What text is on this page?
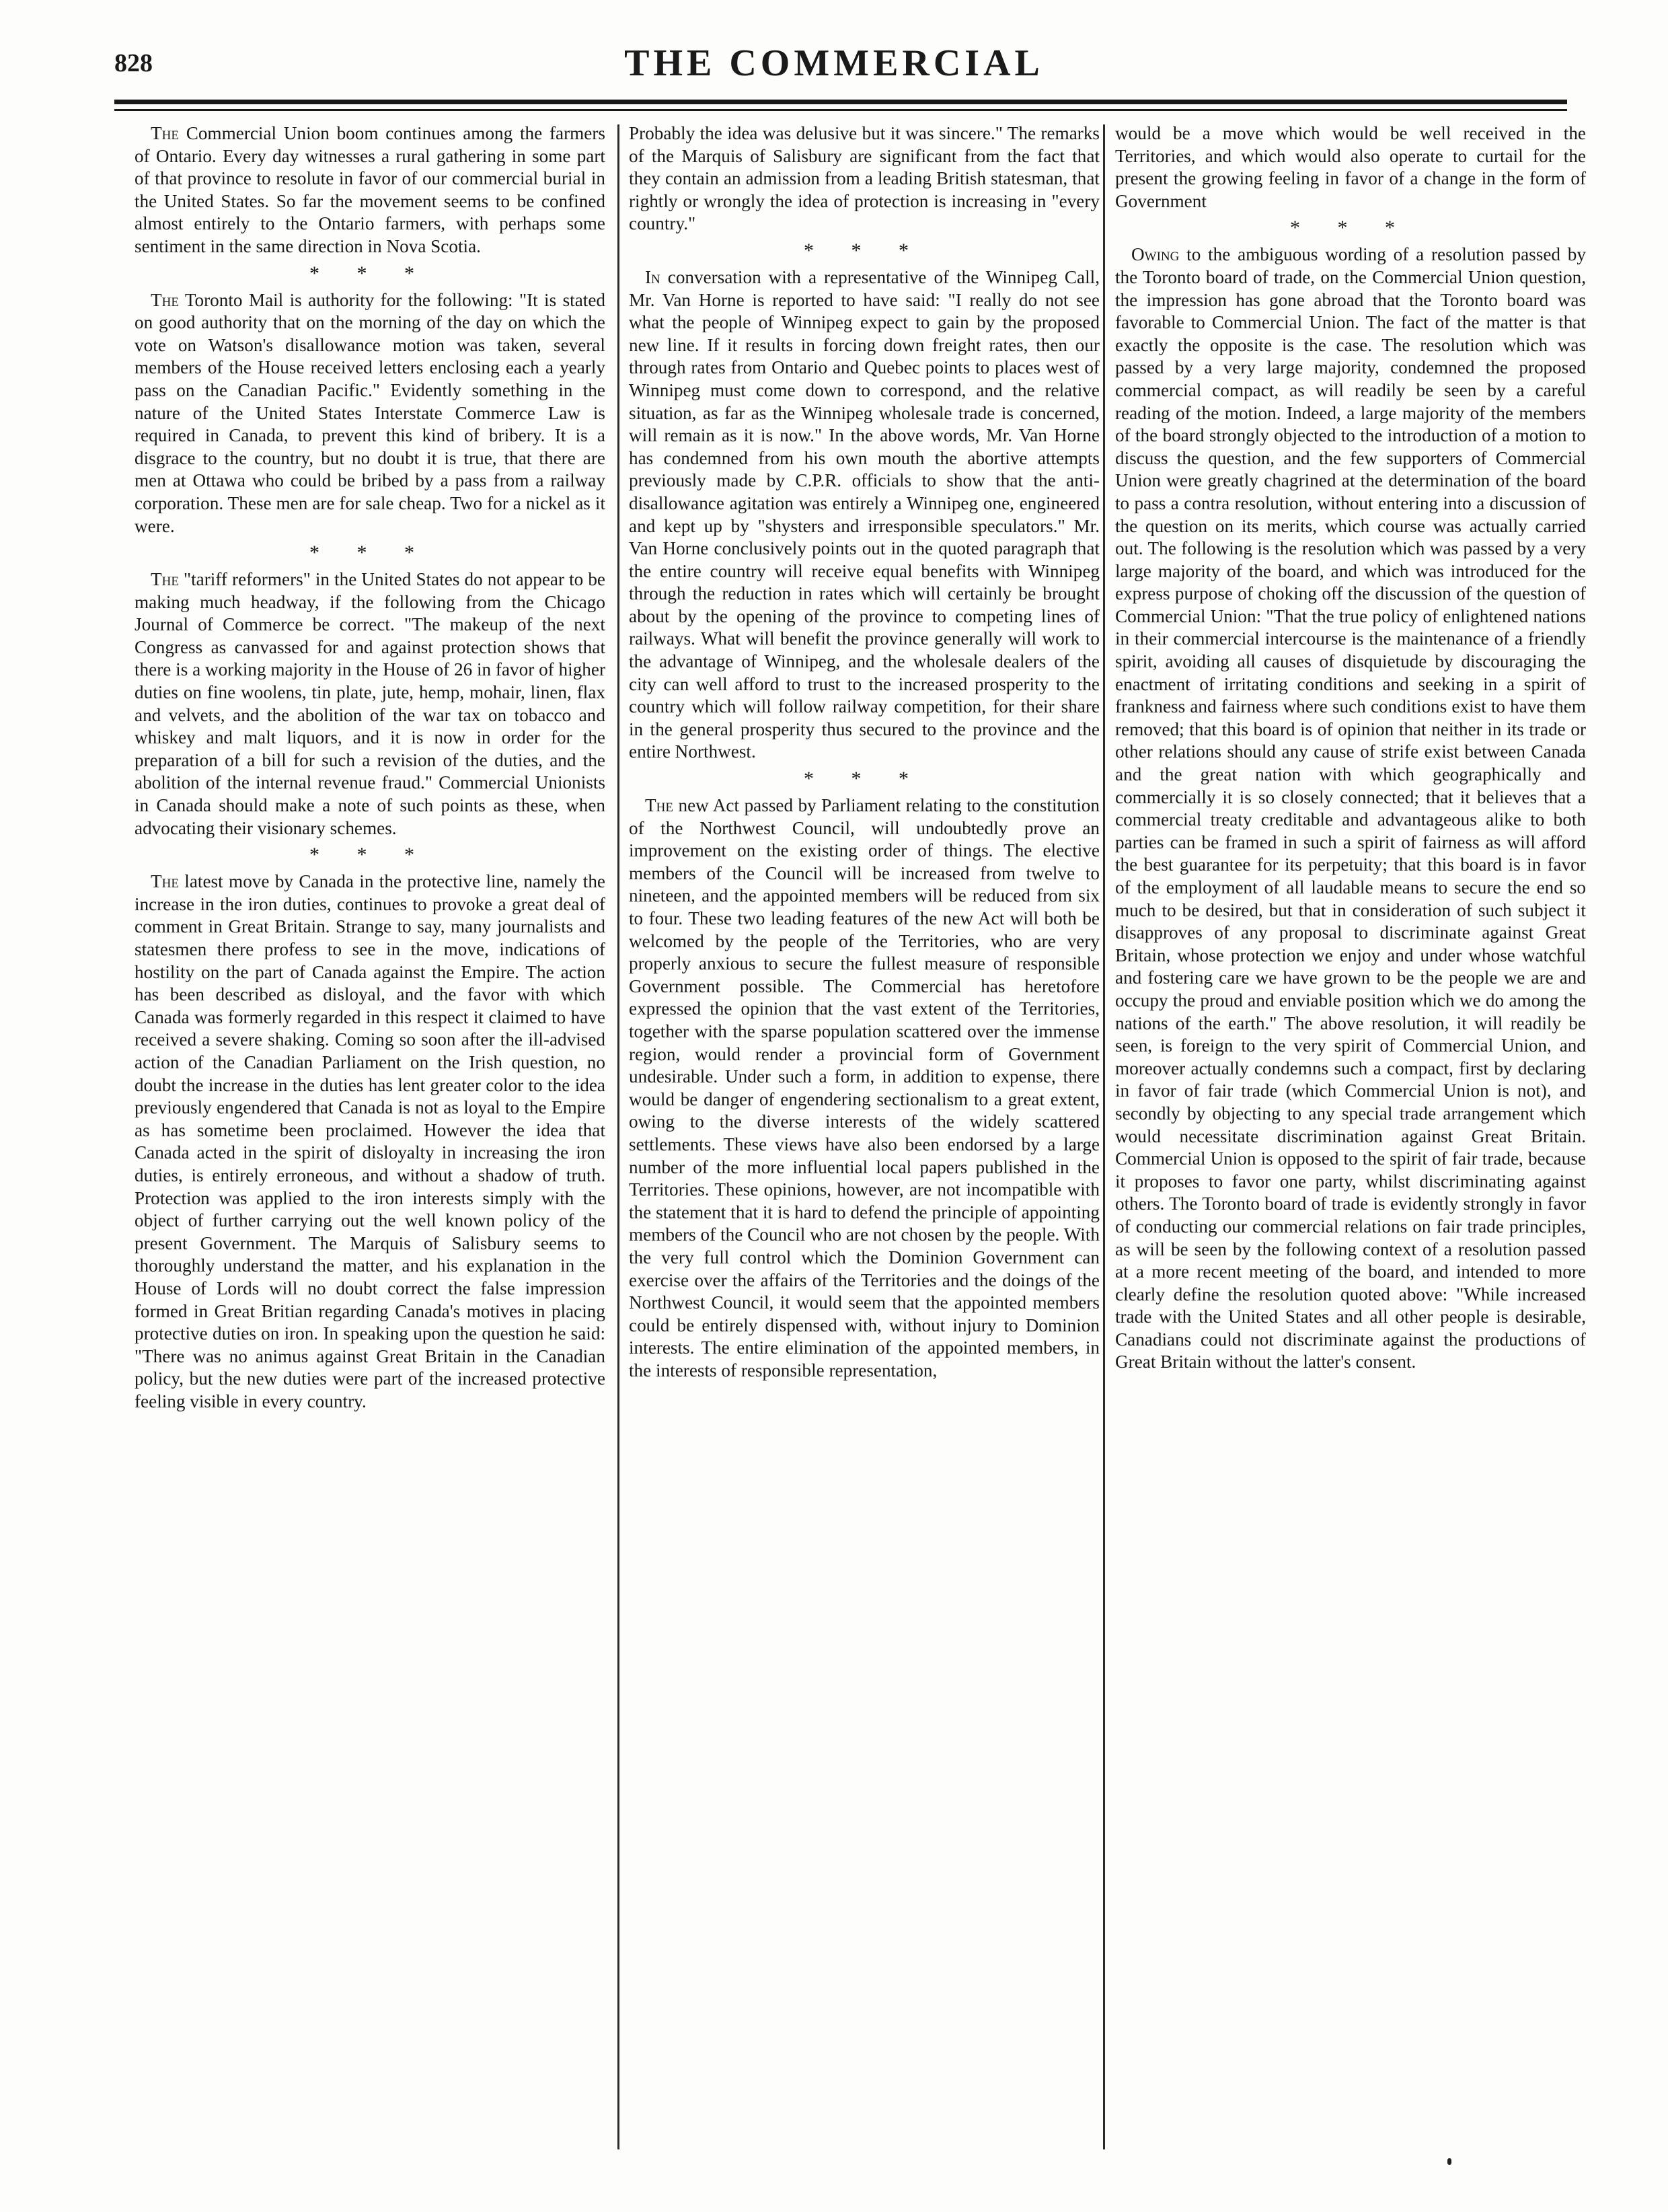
828	THE COMMERCIAL

The Commercial Union boom continues among the farmers of Ontario. Every day witnesses a rural gathering in some part of that province to resolute in favor of our commercial burial in the United States. So far the movement seems to be confined almost entirely to the Ontario farmers, with perhaps some sentiment in the same direction in Nova Scotia.

* * *

The Toronto Mail is authority for the following: "It is stated on good authority that on the morning of the day on which the vote on Watson's disallowance motion was taken, several members of the House received letters enclosing each a yearly pass on the Canadian Pacific." Evidently something in the nature of the United States Interstate Commerce Law is required in Canada, to prevent this kind of bribery. It is a disgrace to the country, but no doubt it is true, that there are men at Ottawa who could be bribed by a pass from a railway corporation. These men are for sale cheap. Two for a nickel as it were.

* * *

The "tariff reformers" in the United States do not appear to be making much headway, if the following from the Chicago Journal of Commerce be correct. "The makeup of the next Congress as canvassed for and against protection shows that there is a working majority in the House of 26 in favor of higher duties on fine woolens, tin plate, jute, hemp, mohair, linen, flax and velvets, and the abolition of the war tax on tobacco and whiskey and malt liquors, and it is now in order for the preparation of a bill for such a revision of the duties, and the abolition of the internal revenue fraud." Commercial Unionists in Canada should make a note of such points as these, when advocating their visionary schemes.

* * *

The latest move by Canada in the protective line, namely the increase in the iron duties, continues to provoke a great deal of comment in Great Britain. Strange to say, many journalists and statesmen there profess to see in the move, indications of hostility on the part of Canada against the Empire. The action has been described as disloyal, and the favor with which Canada was formerly regarded in this respect it claimed to have received a severe shaking. Coming so soon after the ill-advised action of the Canadian Parliament on the Irish question, no doubt the increase in the duties has lent greater color to the idea previously engendered that Canada is not as loyal to the Empire as has sometime been proclaimed. However the idea that Canada acted in the spirit of disloyalty in increasing the iron duties, is entirely erroneous, and without a shadow of truth. Protection was applied to the iron interests simply with the object of further carrying out the well known policy of the present Government. The Marquis of Salisbury seems to thoroughly understand the matter, and his explanation in the House of Lords will no doubt correct the false impression formed in Great Britian regarding Canada's motives in placing protective duties on iron. In speaking upon the question he said: "There was no animus against Great Britain in the Canadian policy, but the new duties were part of the increased protective feeling visible in every country.

Probably the idea was delusive but it was sincere." The remarks of the Marquis of Salisbury are significant from the fact that they contain an admission from a leading British statesman, that rightly or wrongly the idea of protection is increasing in "every country."

* * *

In conversation with a representative of the Winnipeg Call, Mr. Van Horne is reported to have said: "I really do not see what the people of Winnipeg expect to gain by the proposed new line. If it results in forcing down freight rates, then our through rates from Ontario and Quebec points to places west of Winnipeg must come down to correspond, and the relative situation, as far as the Winnipeg wholesale trade is concerned, will remain as it is now." In the above words, Mr. Van Horne has condemned from his own mouth the abortive attempts previously made by C.P.R. officials to show that the anti-disallowance agitation was entirely a Winnipeg one, engineered and kept up by "shysters and irresponsible speculators." Mr. Van Horne conclusively points out in the quoted paragraph that the entire country will receive equal benefits with Winnipeg through the reduction in rates which will certainly be brought about by the opening of the province to competing lines of railways. What will benefit the province generally will work to the advantage of Winnipeg, and the wholesale dealers of the city can well afford to trust to the increased prosperity to the country which will follow railway competition, for their share in the general prosperity thus secured to the province and the entire Northwest.

* * *

The new Act passed by Parliament relating to the constitution of the Northwest Council, will undoubtedly prove an improvement on the existing order of things. The elective members of the Council will be increased from twelve to nineteen, and the appointed members will be reduced from six to four. These two leading features of the new Act will both be welcomed by the people of the Territories, who are very properly anxious to secure the fullest measure of responsible Government possible. The Commercial has heretofore expressed the opinion that the vast extent of the Territories, together with the sparse population scattered over the immense region, would render a provincial form of Government undesirable. Under such a form, in addition to expense, there would be danger of engendering sectionalism to a great extent, owing to the diverse interests of the widely scattered settlements. These views have also been endorsed by a large number of the more influential local papers published in the Territories. These opinions, however, are not incompatible with the statement that it is hard to defend the principle of appointing members of the Council who are not chosen by the people. With the very full control which the Dominion Government can exercise over the affairs of the Territories and the doings of the Northwest Council, it would seem that the appointed members could be entirely dispensed with, without injury to Dominion interests. The entire elimination of the appointed members, in the interests of responsible representation,

would be a move which would be well received in the Territories, and which would also operate to curtail for the present the growing feeling in favor of a change in the form of Government

* * *

Owing to the ambiguous wording of a resolution passed by the Toronto board of trade, on the Commercial Union question, the impression has gone abroad that the Toronto board was favorable to Commercial Union. The fact of the matter is that exactly the opposite is the case. The resolution which was passed by a very large majority, condemned the proposed commercial compact, as will readily be seen by a careful reading of the motion. Indeed, a large majority of the members of the board strongly objected to the introduction of a motion to discuss the question, and the few supporters of Commercial Union were greatly chagrined at the determination of the board to pass a contra resolution, without entering into a discussion of the question on its merits, which course was actually carried out. The following is the resolution which was passed by a very large majority of the board, and which was introduced for the express purpose of choking off the discussion of the question of Commercial Union: "That the true policy of enlightened nations in their commercial intercourse is the maintenance of a friendly spirit, avoiding all causes of disquietude by discouraging the enactment of irritating conditions and seeking in a spirit of frankness and fairness where such conditions exist to have them removed; that this board is of opinion that neither in its trade or other relations should any cause of strife exist between Canada and the great nation with which geographically and commercially it is so closely connected; that it believes that a commercial treaty creditable and advantageous alike to both parties can be framed in such a spirit of fairness as will afford the best guarantee for its perpetuity; that this board is in favor of the employment of all laudable means to secure the end so much to be desired, but that in consideration of such subject it disapproves of any proposal to discriminate against Great Britain, whose protection we enjoy and under whose watchful and fostering care we have grown to be the people we are and occupy the proud and enviable position which we do among the nations of the earth." The above resolution, it will readily be seen, is foreign to the very spirit of Commercial Union, and moreover actually condemns such a compact, first by declaring in favor of fair trade (which Commercial Union is not), and secondly by objecting to any special trade arrangement which would necessitate discrimination against Great Britain. Commercial Union is opposed to the spirit of fair trade, because it proposes to favor one party, whilst discriminating against others. The Toronto board of trade is evidently strongly in favor of conducting our commercial relations on fair trade principles, as will be seen by the following context of a resolution passed at a more recent meeting of the board, and intended to more clearly define the resolution quoted above: "While increased trade with the United States and all other people is desirable, Canadians could not discriminate against the productions of Great Britain without the latter's consent.
